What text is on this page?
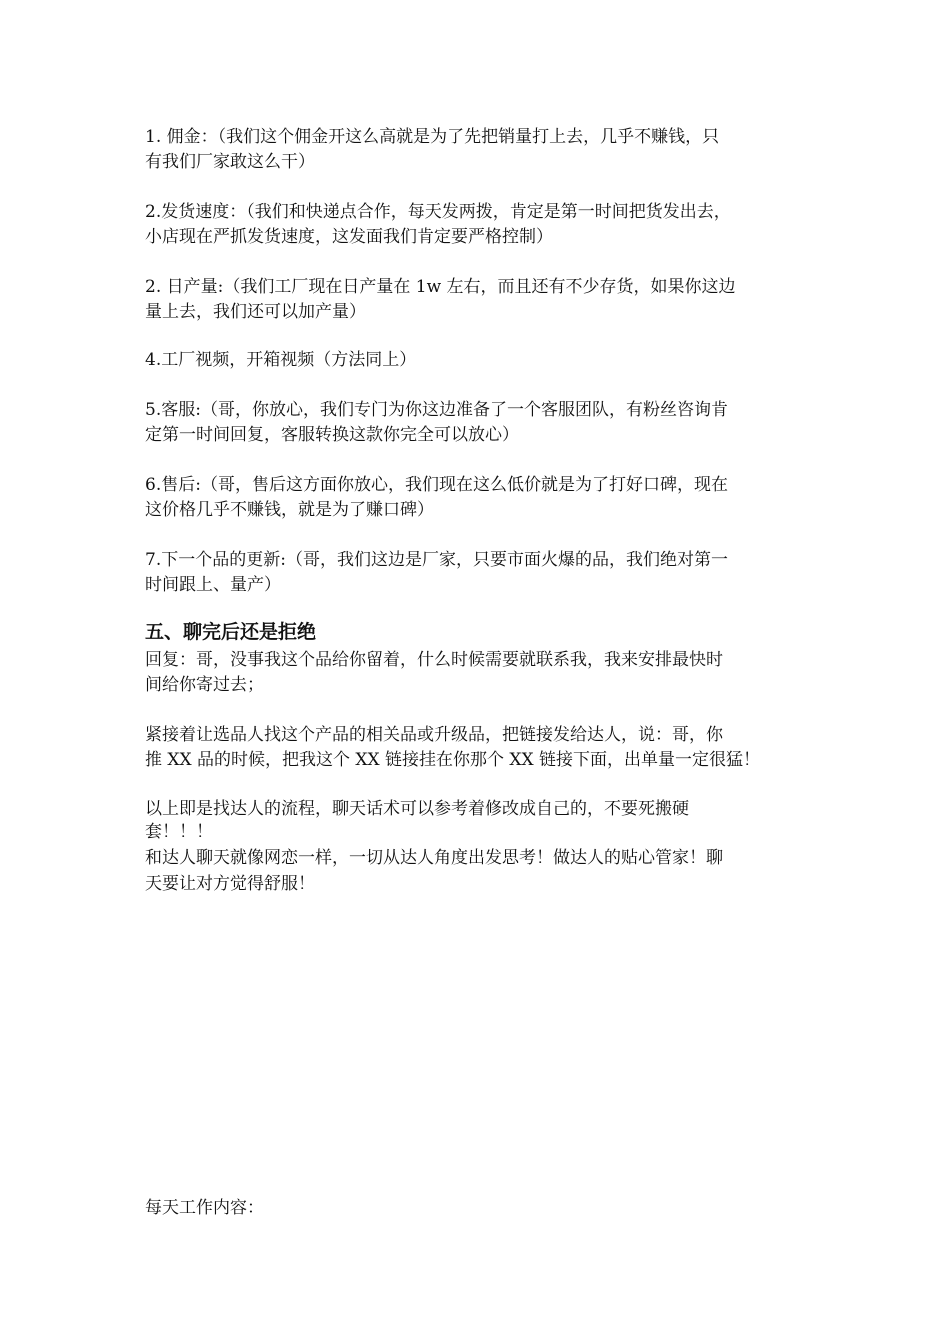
1. 佣金：（我们这个佣金开这么高就是为了先把销量打上去，几乎不赚钱，只
有我们厂家敢这么干）
2.发货速度：（我们和快递点合作，每天发两拨，肯定是第一时间把货发出去，
小店现在严抓发货速度，这发面我们肯定要严格控制）
2. 日产量:（我们工厂现在日产量在 1w 左右，而且还有不少存货，如果你这边
量上去，我们还可以加产量）
4.工厂视频，开箱视频（方法同上）
5.客服:（哥，你放心，我们专门为你这边准备了一个客服团队，有粉丝咨询肯
定第一时间回复，客服转换这款你完全可以放心）
6.售后:（哥，售后这方面你放心，我们现在这么低价就是为了打好口碑，现在
这价格几乎不赚钱，就是为了赚口碑）
7.下一个品的更新:（哥，我们这边是厂家，只要市面火爆的品，我们绝对第一
时间跟上、量产）
五、聊完后还是拒绝
回复：哥，没事我这个品给你留着，什么时候需要就联系我，我来安排最快时
间给你寄过去；
紧接着让选品人找这个产品的相关品或升级品，把链接发给达人，说：哥，你
推 XX 品的时候，把我这个 XX 链接挂在你那个 XX 链接下面，出单量一定很猛！
以上即是找达人的流程，聊天话术可以参考着修改成自己的，不要死搬硬
套！！！
和达人聊天就像网恋一样，一切从达人角度出发思考！做达人的贴心管家！聊
天要让对方觉得舒服！
每天工作内容：
